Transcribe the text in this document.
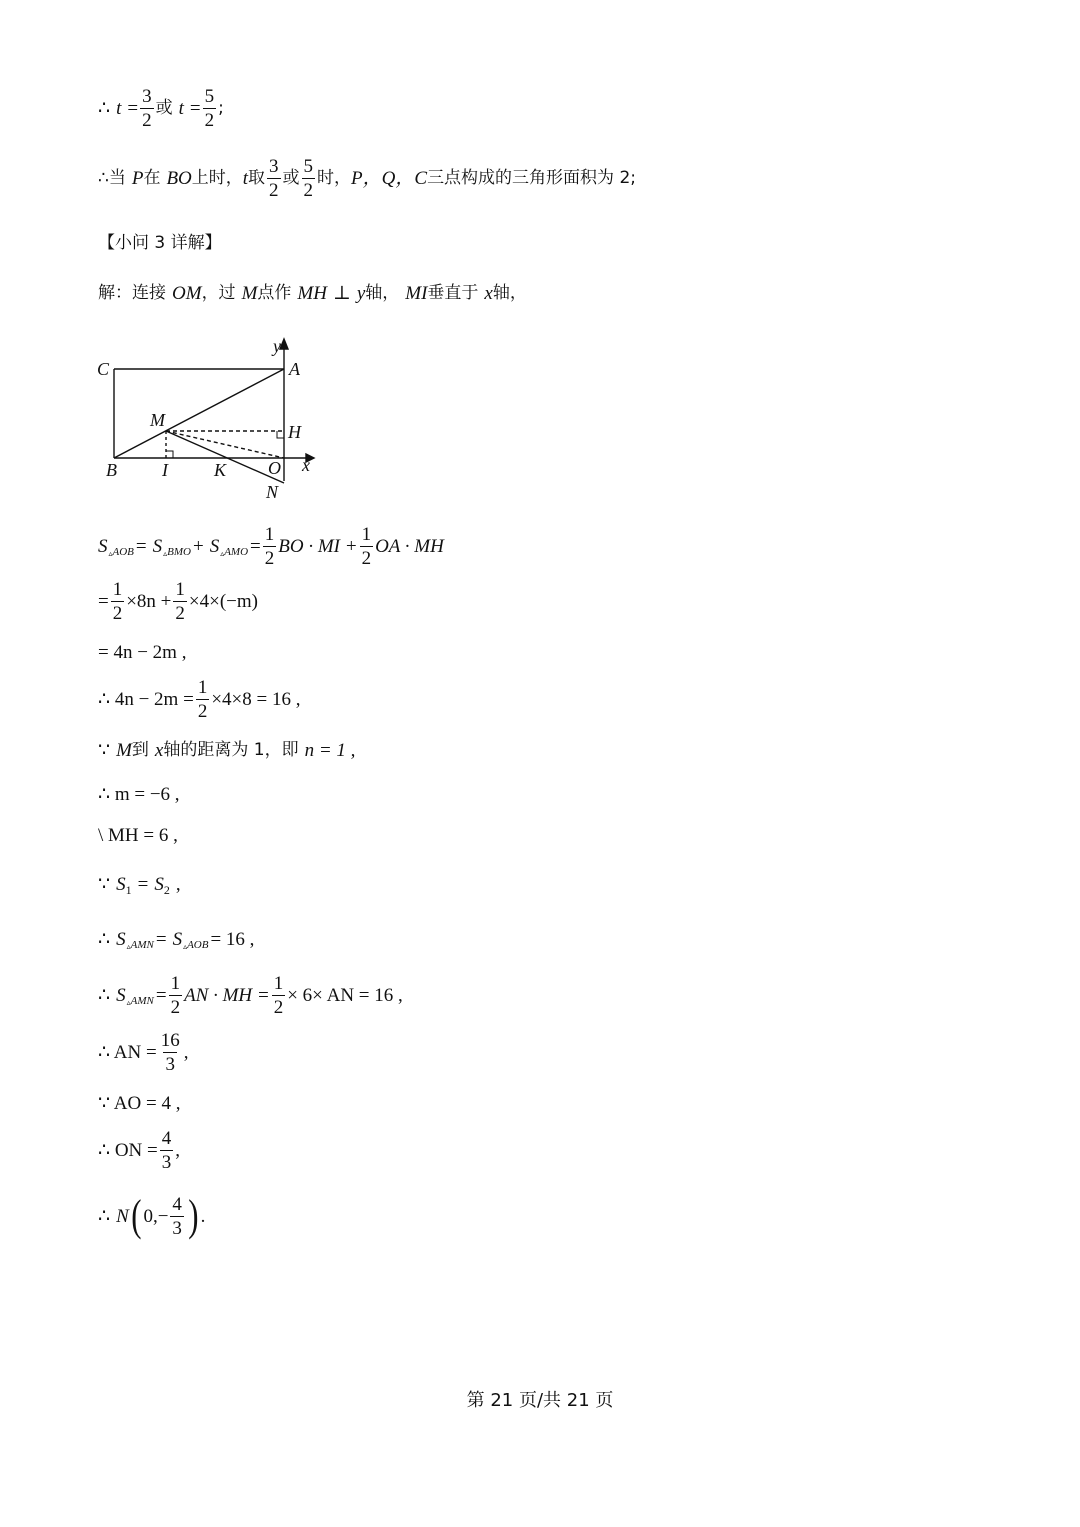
∴ $t = \frac{3}{2}$ 或 $t = \frac{5}{2}$ ;
∴当 P 在 BO 上时， t 取 $\frac{3}{2}$ 或 $\frac{5}{2}$ 时， P，Q，C 三点构成的三角形面积为 2;
【小问 3 详解】
解：连接 OM ，过 M 点作 MH ⊥ y 轴， MI 垂直于 x 轴，
C	A
y
M
H
B	I	K O x
N
S ▵ AOB = S ▵ BMO + S ▵ AMO = $\frac{1}{2}$ BO · MI + $\frac{1}{2}$ OA · MH
= $\frac{1}{2} \times 8n + \frac{1}{2} \times 4\times(-m)$
= 4n − 2m ,
∴ $4n - 2m = \frac{1}{2} \times 4\times 8 = 16$ ,
∵ M 到 x 轴的距离为 1，即 n = 1 ,
∴ m = −6 ,
\ MH = 6 ,
∵ S 1 = S 2 ,
∴ S ▵ AMN = S ▵ AOB = 16 ,
∴ S ▵ AMN = $\frac{1}{2}$ AN · MH = $\frac{1}{2} \times 6\times$ AN = 16 ,
∴ AN = $\frac{16}{3}$ ,
∵ AO = 4 ,
∴ ON = $\frac{4}{3}$ ,
∴ N ( $0,- \frac{4}{3}$ ) .
第 21 页/共 21 页
